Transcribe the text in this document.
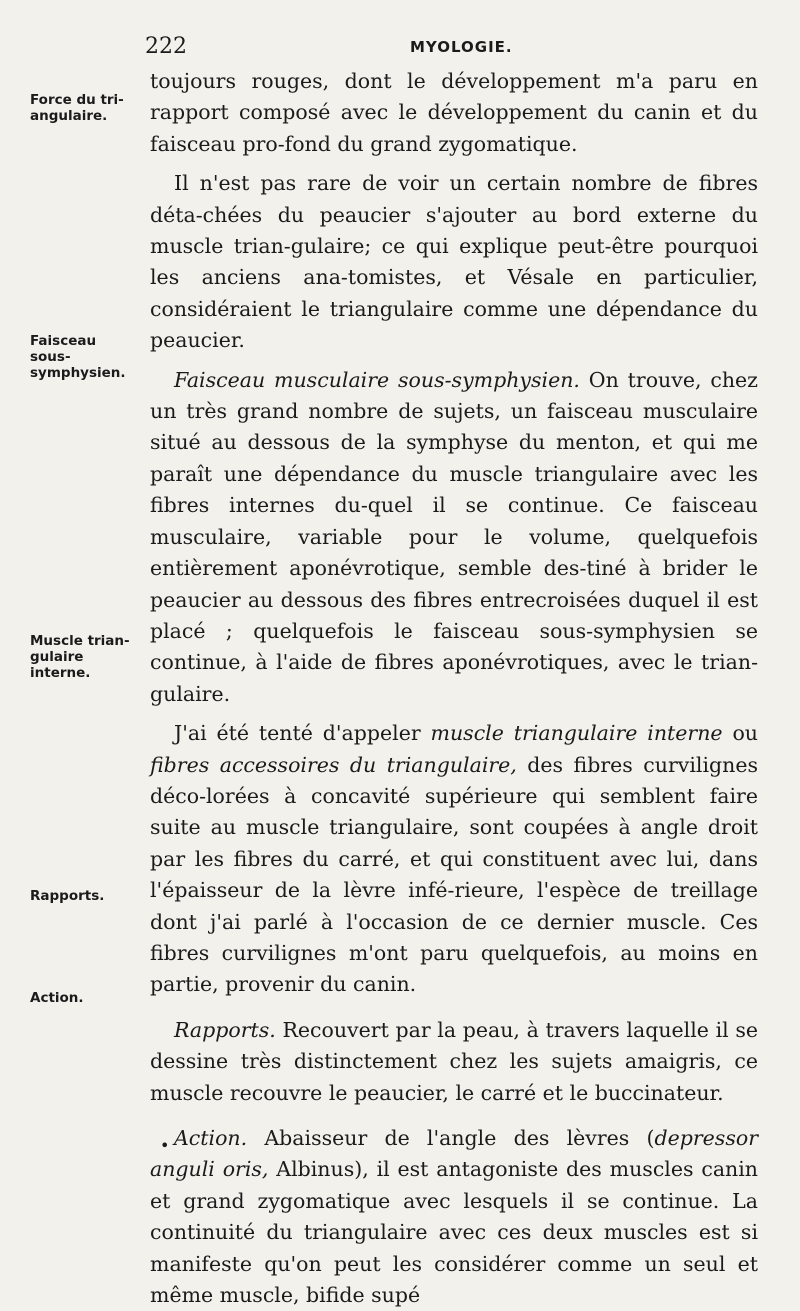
222	MYOLOGIE.
Force du tri-angulaire.
Faisceau sous-symphysien.
Muscle trian-gulaire interne.
Rapports.
Action.

toujours rouges, dont le développement m'a paru en rapport composé avec le développement du canin et du faisceau pro-fond du grand zygomatique.

Il n'est pas rare de voir un certain nombre de fibres déta-chées du peaucier s'ajouter au bord externe du muscle trian-gulaire; ce qui explique peut-être pourquoi les anciens ana-tomistes, et Vésale en particulier, considéraient le triangulaire comme une dépendance du peaucier.

Faisceau musculaire sous-symphysien. On trouve, chez un très grand nombre de sujets, un faisceau musculaire situé au dessous de la symphyse du menton, et qui me paraît une dépendance du muscle triangulaire avec les fibres internes du-quel il se continue. Ce faisceau musculaire, variable pour le volume, quelquefois entièrement aponévrotique, semble des-tiné à brider le peaucier au dessous des fibres entrecroisées duquel il est placé ; quelquefois le faisceau sous-symphysien se continue, à l'aide de fibres aponévrotiques, avec le trian-gulaire.

J'ai été tenté d'appeler muscle triangulaire interne ou fibres accessoires du triangulaire, des fibres curvilignes déco-lorées à concavité supérieure qui semblent faire suite au muscle triangulaire, sont coupées à angle droit par les fibres du carré, et qui constituent avec lui, dans l'épaisseur de la lèvre infé-rieure, l'espèce de treillage dont j'ai parlé à l'occasion de ce dernier muscle. Ces fibres curvilignes m'ont paru quelquefois, au moins en partie, provenir du canin.

Rapports. Recouvert par la peau, à travers laquelle il se dessine très distinctement chez les sujets amaigris, ce muscle recouvre le peaucier, le carré et le buccinateur.

Action. Abaisseur de l'angle des lèvres (depressor anguli oris, Albinus), il est antagoniste des muscles canin et grand zygomatique avec lesquels il se continue. La continuité du triangulaire avec ces deux muscles est si manifeste qu'on peut les considérer comme un seul et même muscle, bifide supé

•
